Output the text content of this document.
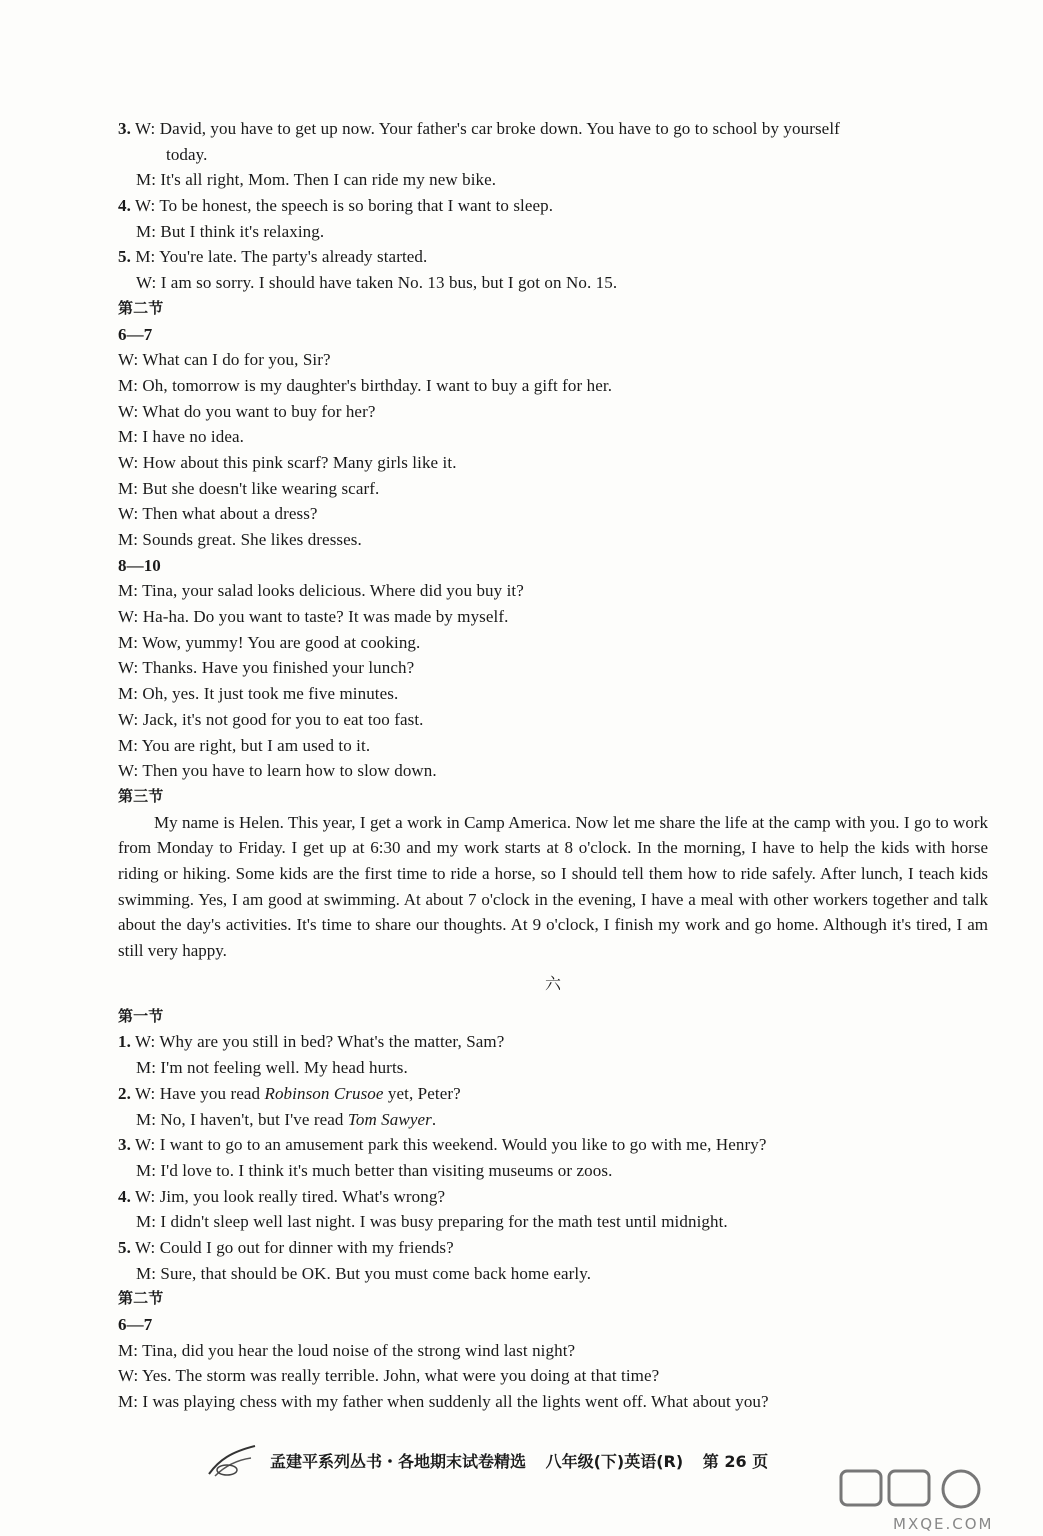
3. W: David, you have to get up now. Your father's car broke down. You have to go to school by yourself
today.
M: It's all right, Mom. Then I can ride my new bike.
4. W: To be honest, the speech is so boring that I want to sleep.
M: But I think it's relaxing.
5. M: You're late. The party's already started.
W: I am so sorry. I should have taken No. 13 bus, but I got on No. 15.
第二节
6—7
W: What can I do for you, Sir?
M: Oh, tomorrow is my daughter's birthday. I want to buy a gift for her.
W: What do you want to buy for her?
M: I have no idea.
W: How about this pink scarf? Many girls like it.
M: But she doesn't like wearing scarf.
W: Then what about a dress?
M: Sounds great. She likes dresses.
8—10
M: Tina, your salad looks delicious. Where did you buy it?
W: Ha-ha. Do you want to taste? It was made by myself.
M: Wow, yummy! You are good at cooking.
W: Thanks. Have you finished your lunch?
M: Oh, yes. It just took me five minutes.
W: Jack, it's not good for you to eat too fast.
M: You are right, but I am used to it.
W: Then you have to learn how to slow down.
第三节

My name is Helen. This year, I get a work in Camp America. Now let me share the life at the camp with you. I go to work from Monday to Friday. I get up at 6:30 and my work starts at 8 o'clock. In the morning, I have to help the kids with horse riding or hiking. Some kids are the first time to ride a horse, so I should tell them how to ride safely. After lunch, I teach kids swimming. Yes, I am good at swimming. At about 7 o'clock in the evening, I have a meal with other workers together and talk about the day's activities. It's time to share our thoughts. At 9 o'clock, I finish my work and go home. Although it's tired, I am still very happy.

六
第一节
1. W: Why are you still in bed? What's the matter, Sam?
M: I'm not feeling well. My head hurts.
2. W: Have you read Robinson Crusoe yet, Peter?
M: No, I haven't, but I've read Tom Sawyer.
3. W: I want to go to an amusement park this weekend. Would you like to go with me, Henry?
M: I'd love to. I think it's much better than visiting museums or zoos.
4. W: Jim, you look really tired. What's wrong?
M: I didn't sleep well last night. I was busy preparing for the math test until midnight.
5. W: Could I go out for dinner with my friends?
M: Sure, that should be OK. But you must come back home early.
第二节
6—7
M: Tina, did you hear the loud noise of the strong wind last night?
W: Yes. The storm was really terrible. John, what were you doing at that time?
M: I was playing chess with my father when suddenly all the lights went off. What about you?
孟建平系列丛书・各地期末试卷精选 八年级(下)英语(R) 第 26 页
MXQE.COM
